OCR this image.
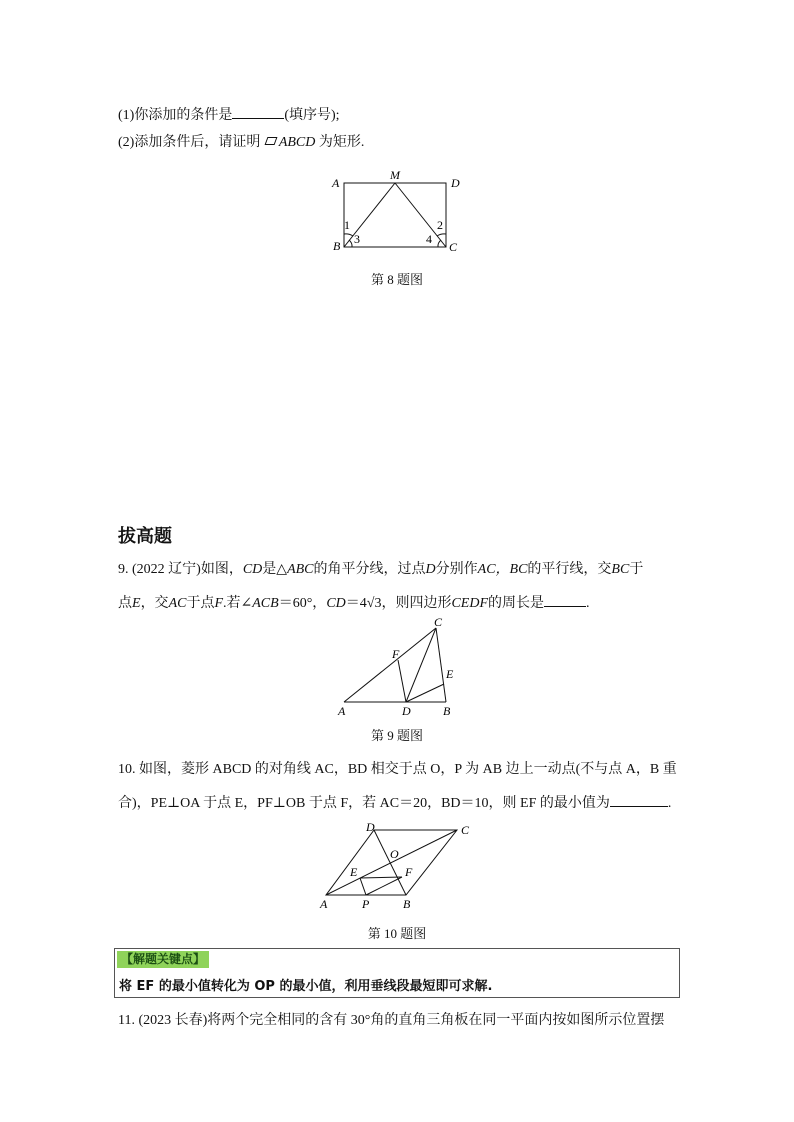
(1)你添加的条件是	(填序号);
(2)添加条件后，请证明 ABCD 为矩形.
A
M
D
B	C
1
3
2
4
第 8 题图
拔高题
9. (2022 辽宁)如图，CD是△ABC的角平分线，过点D分别作AC，BC的平行线，交BC于
点E，交AC于点F.若∠ACB＝60°，CD＝4√3，则四边形CEDF的周长是	.
C
F
E
A	D	B
第 9 题图
10. 如图，菱形 ABCD 的对角线 AC，BD 相交于点 O，P 为 AB 边上一动点(不与点 A，B 重
合)，PE⊥OA 于点 E，PF⊥OB 于点 F，若 AC＝20，BD＝10，则 EF 的最小值为	.
D	C
O
E	F
A	P	B
第 10 题图
【解题关键点】
将 EF 的最小值转化为 OP 的最小值，利用垂线段最短即可求解.
11. (2023 长春)将两个完全相同的含有 30°角的直角三角板在同一平面内按如图所示位置摆
